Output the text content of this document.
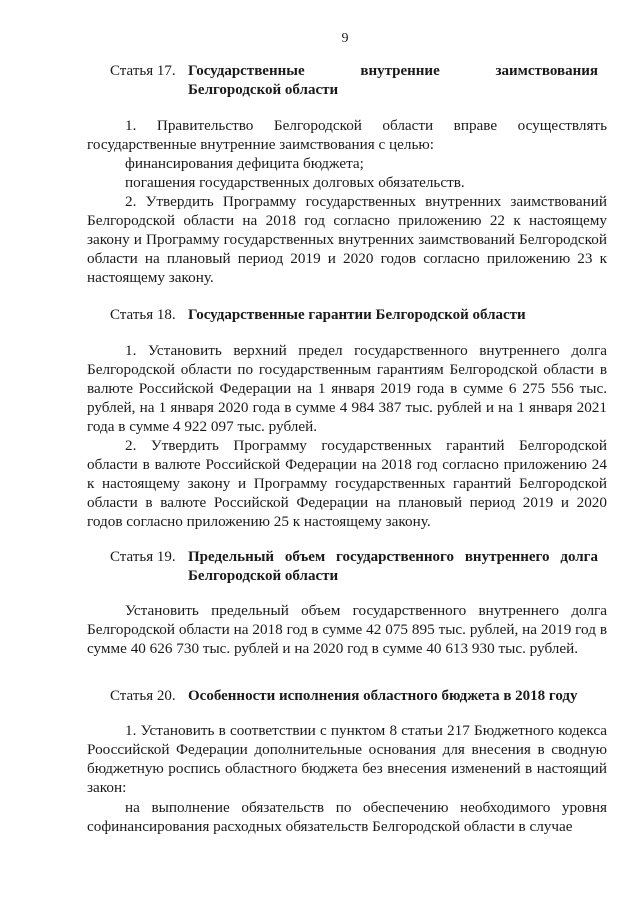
9
Статья 17. Государственные внутренние заимствования
Белгородской области
1. Правительство Белгородской области вправе осуществлять государственные внутренние заимствования с целью:
финансирования дефицита бюджета;
погашения государственных долговых обязательств.
2. Утвердить Программу государственных внутренних заимствований Белгородской области на 2018 год согласно приложению 22 к настоящему закону и Программу государственных внутренних заимствований Белгородской области на плановый период 2019 и 2020 годов согласно приложению 23 к настоящему закону.
Статья 18. Государственные гарантии Белгородской области
1. Установить верхний предел государственного внутреннего долга Белгородской области по государственным гарантиям Белгородской области в валюте Российской Федерации на 1 января 2019 года в сумме 6 275 556 тыс. рублей, на 1 января 2020 года в сумме 4 984 387 тыс. рублей и на 1 января 2021 года в сумме 4 922 097 тыс. рублей.
2. Утвердить Программу государственных гарантий Белгородской области в валюте Российской Федерации на 2018 год согласно приложению 24 к настоящему закону и Программу государственных гарантий Белгородской области в валюте Российской Федерации на плановый период 2019 и 2020 годов согласно приложению 25 к настоящему закону.
Статья 19. Предельный объем государственного внутреннего долга
Белгородской области
Установить предельный объем государственного внутреннего долга Белгородской области на 2018 год в сумме 42 075 895 тыс. рублей, на 2019 год в сумме 40 626 730 тыс. рублей и на 2020 год в сумме 40 613 930 тыс. рублей.
Статья 20. Особенности исполнения областного бюджета в 2018 году
1. Установить в соответствии с пунктом 8 статьи 217 Бюджетного кодекса Роосcийской Федерации дополнительные основания для внесения в сводную бюджетную роспись областного бюджета без внесения изменений в настоящий закон:
на выполнение обязательств по обеспечению необходимого уровня софинансирования расходных обязательств Белгородской области в случае
